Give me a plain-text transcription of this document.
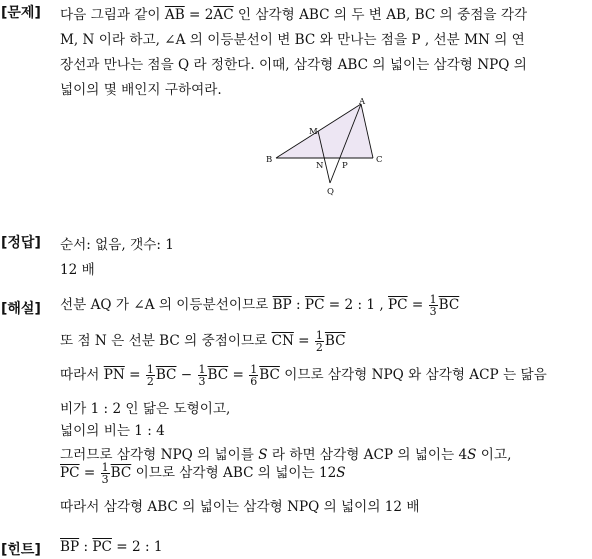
[문제] 다음 그림과 같이 $\overline{AB} = 2\overline{AC}$ 인 삼각형 ABC 의 두 변 AB, BC 의 중점을 각각
M, N 이라 하고, ∠A 의 이등분선이 변 BC 와 만나는 점을 P , 선분 MN 의 연
장선과 만나는 점을 Q 라 정한다. 이때, 삼각형 ABC 의 넓이는 삼각형 NPQ 의
넓이의 몇 배인지 구하여라.
A
B	C
M
N P
Q
[정답] 순서: 없음, 갯수: 1
12 배
[해설] 선분 AQ 가 ∠A 의 이등분선이므로 $\overline{BP}$ : $\overline{PC} = 2$ : 1 , $\overline{PC} = \frac{1}{3} \overline{BC}$
또 점 N 은 선분 BC 의 중점이므로 $\overline{CN} = \frac{1}{2} \overline{BC}$
따라서 $\overline{PN} = \frac{1}{2} \overline{BC} - \frac{1}{3} \overline{BC} = \frac{1}{6} \overline{BC}$ 이므로 삼각형 NPQ 와 삼각형 ACP 는 닮음
비가 1 : 2 인 닮은 도형이고,
넓이의 비는 1 : 4
그러므로 삼각형 NPQ 의 넓이를 S 라 하면 삼각형 ACP 의 넓이는 4S 이고,
$\overline{PC} = \frac{1}{3} \overline{BC}$ 이므로 삼각형 ABC 의 넓이는 12S
따라서 삼각형 ABC 의 넓이는 삼각형 NPQ 의 넓이의 12 배
[힌트] $\overline{BP}$ : $\overline{PC} = 2$ : 1
